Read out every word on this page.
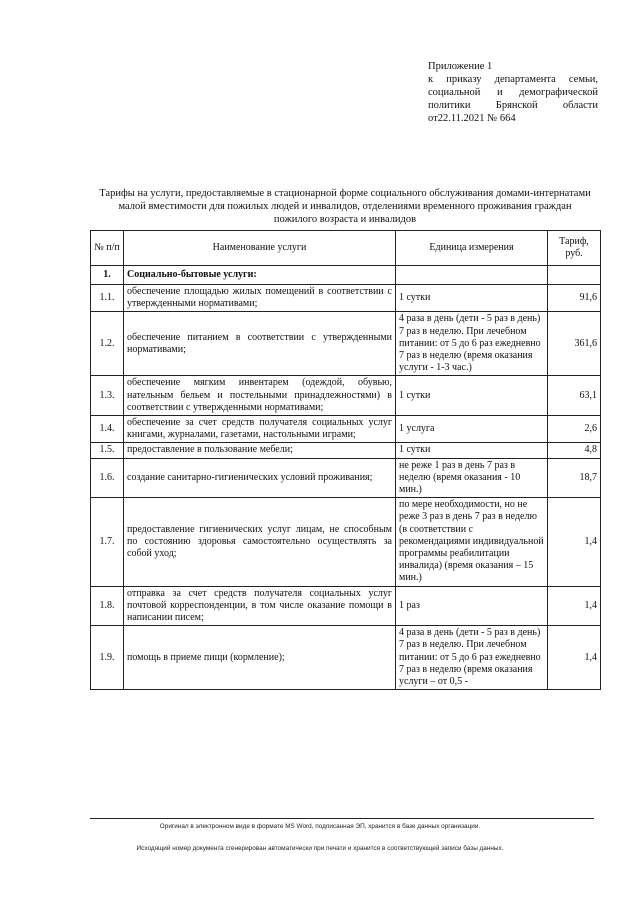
Приложение 1
к приказу департамента семьи,
социальной и демографической
политики Брянской области
от22.11.2021 № 664
Тарифы на услуги, предоставляемые в стационарной форме социального обслуживания домами-интернатами малой вместимости для пожилых людей и инвалидов, отделениями временного проживания граждан пожилого возраста и инвалидов
№ п/п	Наименование услуги	Единица измерения	Тариф, руб.
1.	Социально-бытовые услуги:		
1.1.	обеспечение площадью жилых помещений в соответствии с утвержденными нормативами;	1 сутки	91,6
1.2.	обеспечение питанием в соответствии с утвержденными нормативами;	4 раза в день (дети - 5 раз в день) 7 раз в неделю. При лечебном питании: от 5 до 6 раз ежедневно 7 раз в неделю (время оказания услуги - 1-3 час.)	361,6
1.3.	обеспечение мягким инвентарем (одеждой, обувью, нательным бельем и постельными принадлежностями) в соответствии с утвержденными нормативами;	1 сутки	63,1
1.4.	обеспечение за счет средств получателя социальных услуг книгами, журналами, газетами, настольными играми;	1 услуга	2,6
1.5.	предоставление в пользование мебели;	1 сутки	4,8
1.6.	создание санитарно-гигиенических условий проживания;	не реже 1 раз в день 7 раз в неделю (время оказания - 10 мин.)	18,7
1.7.	предоставление гигиенических услуг лицам, не способным по состоянию здоровья самостоятельно осуществлять за собой уход;	по мере необходимости, но не реже 3 раз в день 7 раз в неделю (в соответствии с рекомендациями индивидуальной программы реабилитации инвалида) (время оказания – 15 мин.)	1,4
1.8.	отправка за счет средств получателя социальных услуг почтовой корреспонденции, в том числе оказание помощи в написании писем;	1 раз	1,4
1.9.	помощь в приеме пищи (кормление);	4 раза в день (дети - 5 раз в день) 7 раз в неделю. При лечебном питании: от 5 до 6 раз ежедневно 7 раз в неделю (время оказания услуги – от 0,5 -	1,4
Оригинал в электронном виде в формате MS Word, подписанная ЭП, хранится в базе данных организации.
Исходящий номер документа сгенерирован автоматически при печати и хранится в соответствующей записи базы данных.
